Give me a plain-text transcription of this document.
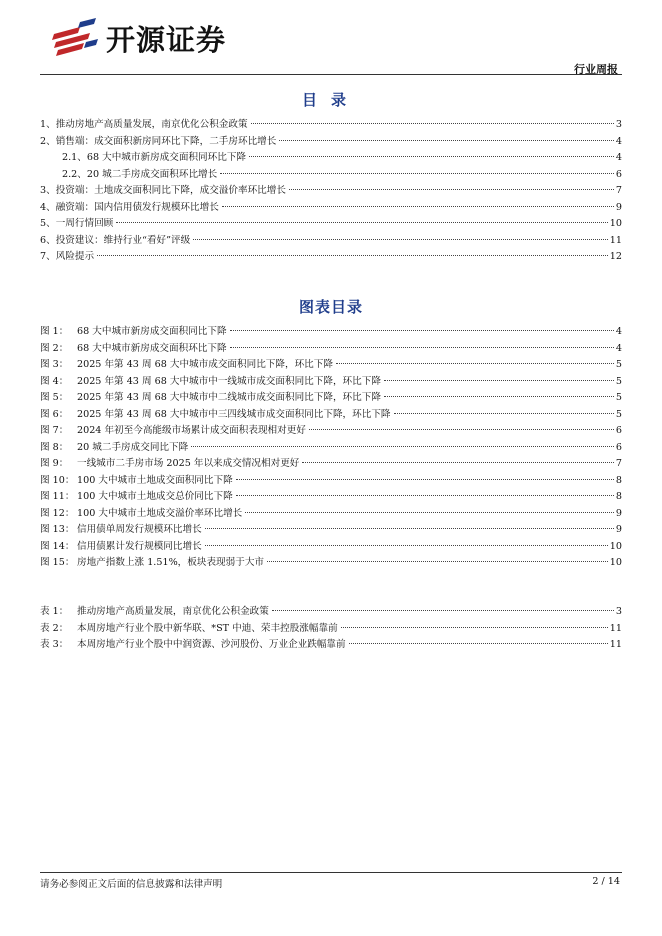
开源证券
行业周报
目录
1、推动房地产高质量发展，南京优化公积金政策	3
2、销售端：成交面积新房同环比下降，二手房环比增长	4
2.1、68 大中城市新房成交面积同环比下降	4
2.2、20 城二手房成交面积环比增长	6
3、投资端：土地成交面积同比下降，成交溢价率环比增长	7
4、融资端：国内信用债发行规模环比增长	9
5、一周行情回顾	10
6、投资建议：维持行业“看好”评级	11
7、风险提示	12
图表目录
图 1： 68 大中城市新房成交面积同比下降	4
图 2： 68 大中城市新房成交面积环比下降	4
图 3： 2025 年第 43 周 68 大中城市成交面积同比下降，环比下降	5
图 4： 2025 年第 43 周 68 大中城市中一线城市成交面积同比下降，环比下降	5
图 5： 2025 年第 43 周 68 大中城市中二线城市成交面积同比下降，环比下降	5
图 6： 2025 年第 43 周 68 大中城市中三四线城市成交面积同比下降，环比下降	5
图 7： 2024 年初至今高能级市场累计成交面积表现相对更好	6
图 8： 20 城二手房成交同比下降	6
图 9： 一线城市二手房市场 2025 年以来成交情况相对更好	7
图 10： 100 大中城市土地成交面积同比下降	8
图 11： 100 大中城市土地成交总价同比下降	8
图 12： 100 大中城市土地成交溢价率环比增长	9
图 13： 信用债单周发行规模环比增长	9
图 14： 信用债累计发行规模同比增长	10
图 15： 房地产指数上涨 1.51%，板块表现弱于大市	10
表 1： 推动房地产高质量发展，南京优化公积金政策	3
表 2： 本周房地产行业个股中新华联、*ST 中迪、荣丰控股涨幅靠前	11
表 3： 本周房地产行业个股中中润资源、沙河股份、万业企业跌幅靠前	11
请务必参阅正文后面的信息披露和法律声明	2 / 14
